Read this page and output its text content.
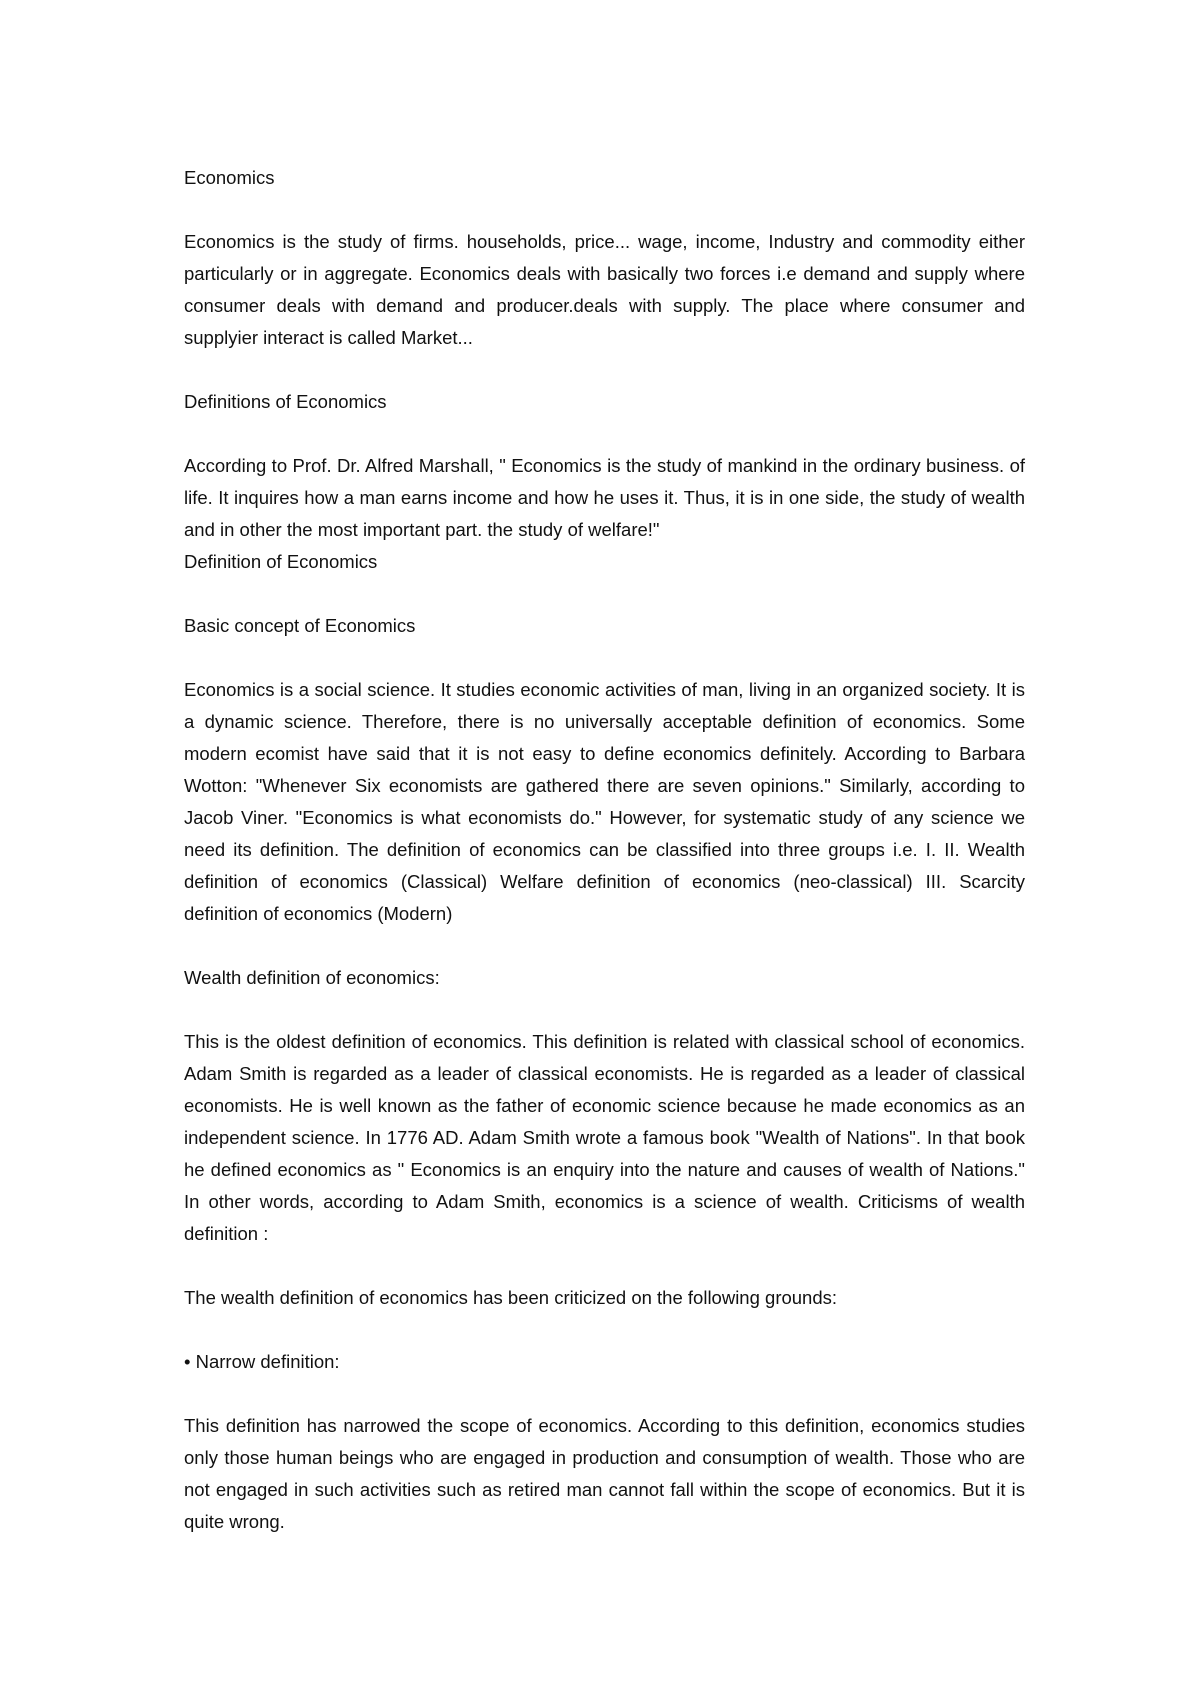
Economics

Economics is the study of firms. households, price... wage, income, Industry and commodity either particularly or in aggregate. Economics deals with basically two forces i.e demand and supply where consumer deals with demand and producer.deals with supply. The place where consumer and supplyier interact is called Market...

Definitions of Economics

According to Prof. Dr. Alfred Marshall, " Economics is the study of mankind in the ordinary business. of life. It inquires how a man earns income and how he uses it. Thus, it is in one side, the study of wealth and in other the most important part. the study of welfare!"

Definition of Economics

Basic concept of Economics

Economics is a social science. It studies economic activities of man, living in an organized society. It is a dynamic science. Therefore, there is no universally acceptable definition of economics. Some modern ecomist have said that it is not easy to define economics definitely. According to Barbara Wotton: "Whenever Six economists are gathered there are seven opinions." Similarly, according to Jacob Viner. "Economics is what economists do." However, for systematic study of any science we need its definition. The definition of economics can be classified into three groups i.e. I. II. Wealth definition of economics (Classical) Welfare definition of economics (neo-classical) III. Scarcity definition of economics (Modern)

Wealth definition of economics:

This is the oldest definition of economics. This definition is related with classical school of economics. Adam Smith is regarded as a leader of classical economists. He is regarded as a leader of classical economists. He is well known as the father of economic science because he made economics as an independent science. In 1776 AD. Adam Smith wrote a famous book "Wealth of Nations". In that book he defined economics as " Economics is an enquiry into the nature and causes of wealth of Nations." In other words, according to Adam Smith, economics is a science of wealth. Criticisms of wealth definition :

The wealth definition of economics has been criticized on the following grounds:

• Narrow definition:

This definition has narrowed the scope of economics. According to this definition, economics studies only those human beings who are engaged in production and consumption of wealth. Those who are not engaged in such activities such as retired man cannot fall within the scope of economics. But it is quite wrong.
